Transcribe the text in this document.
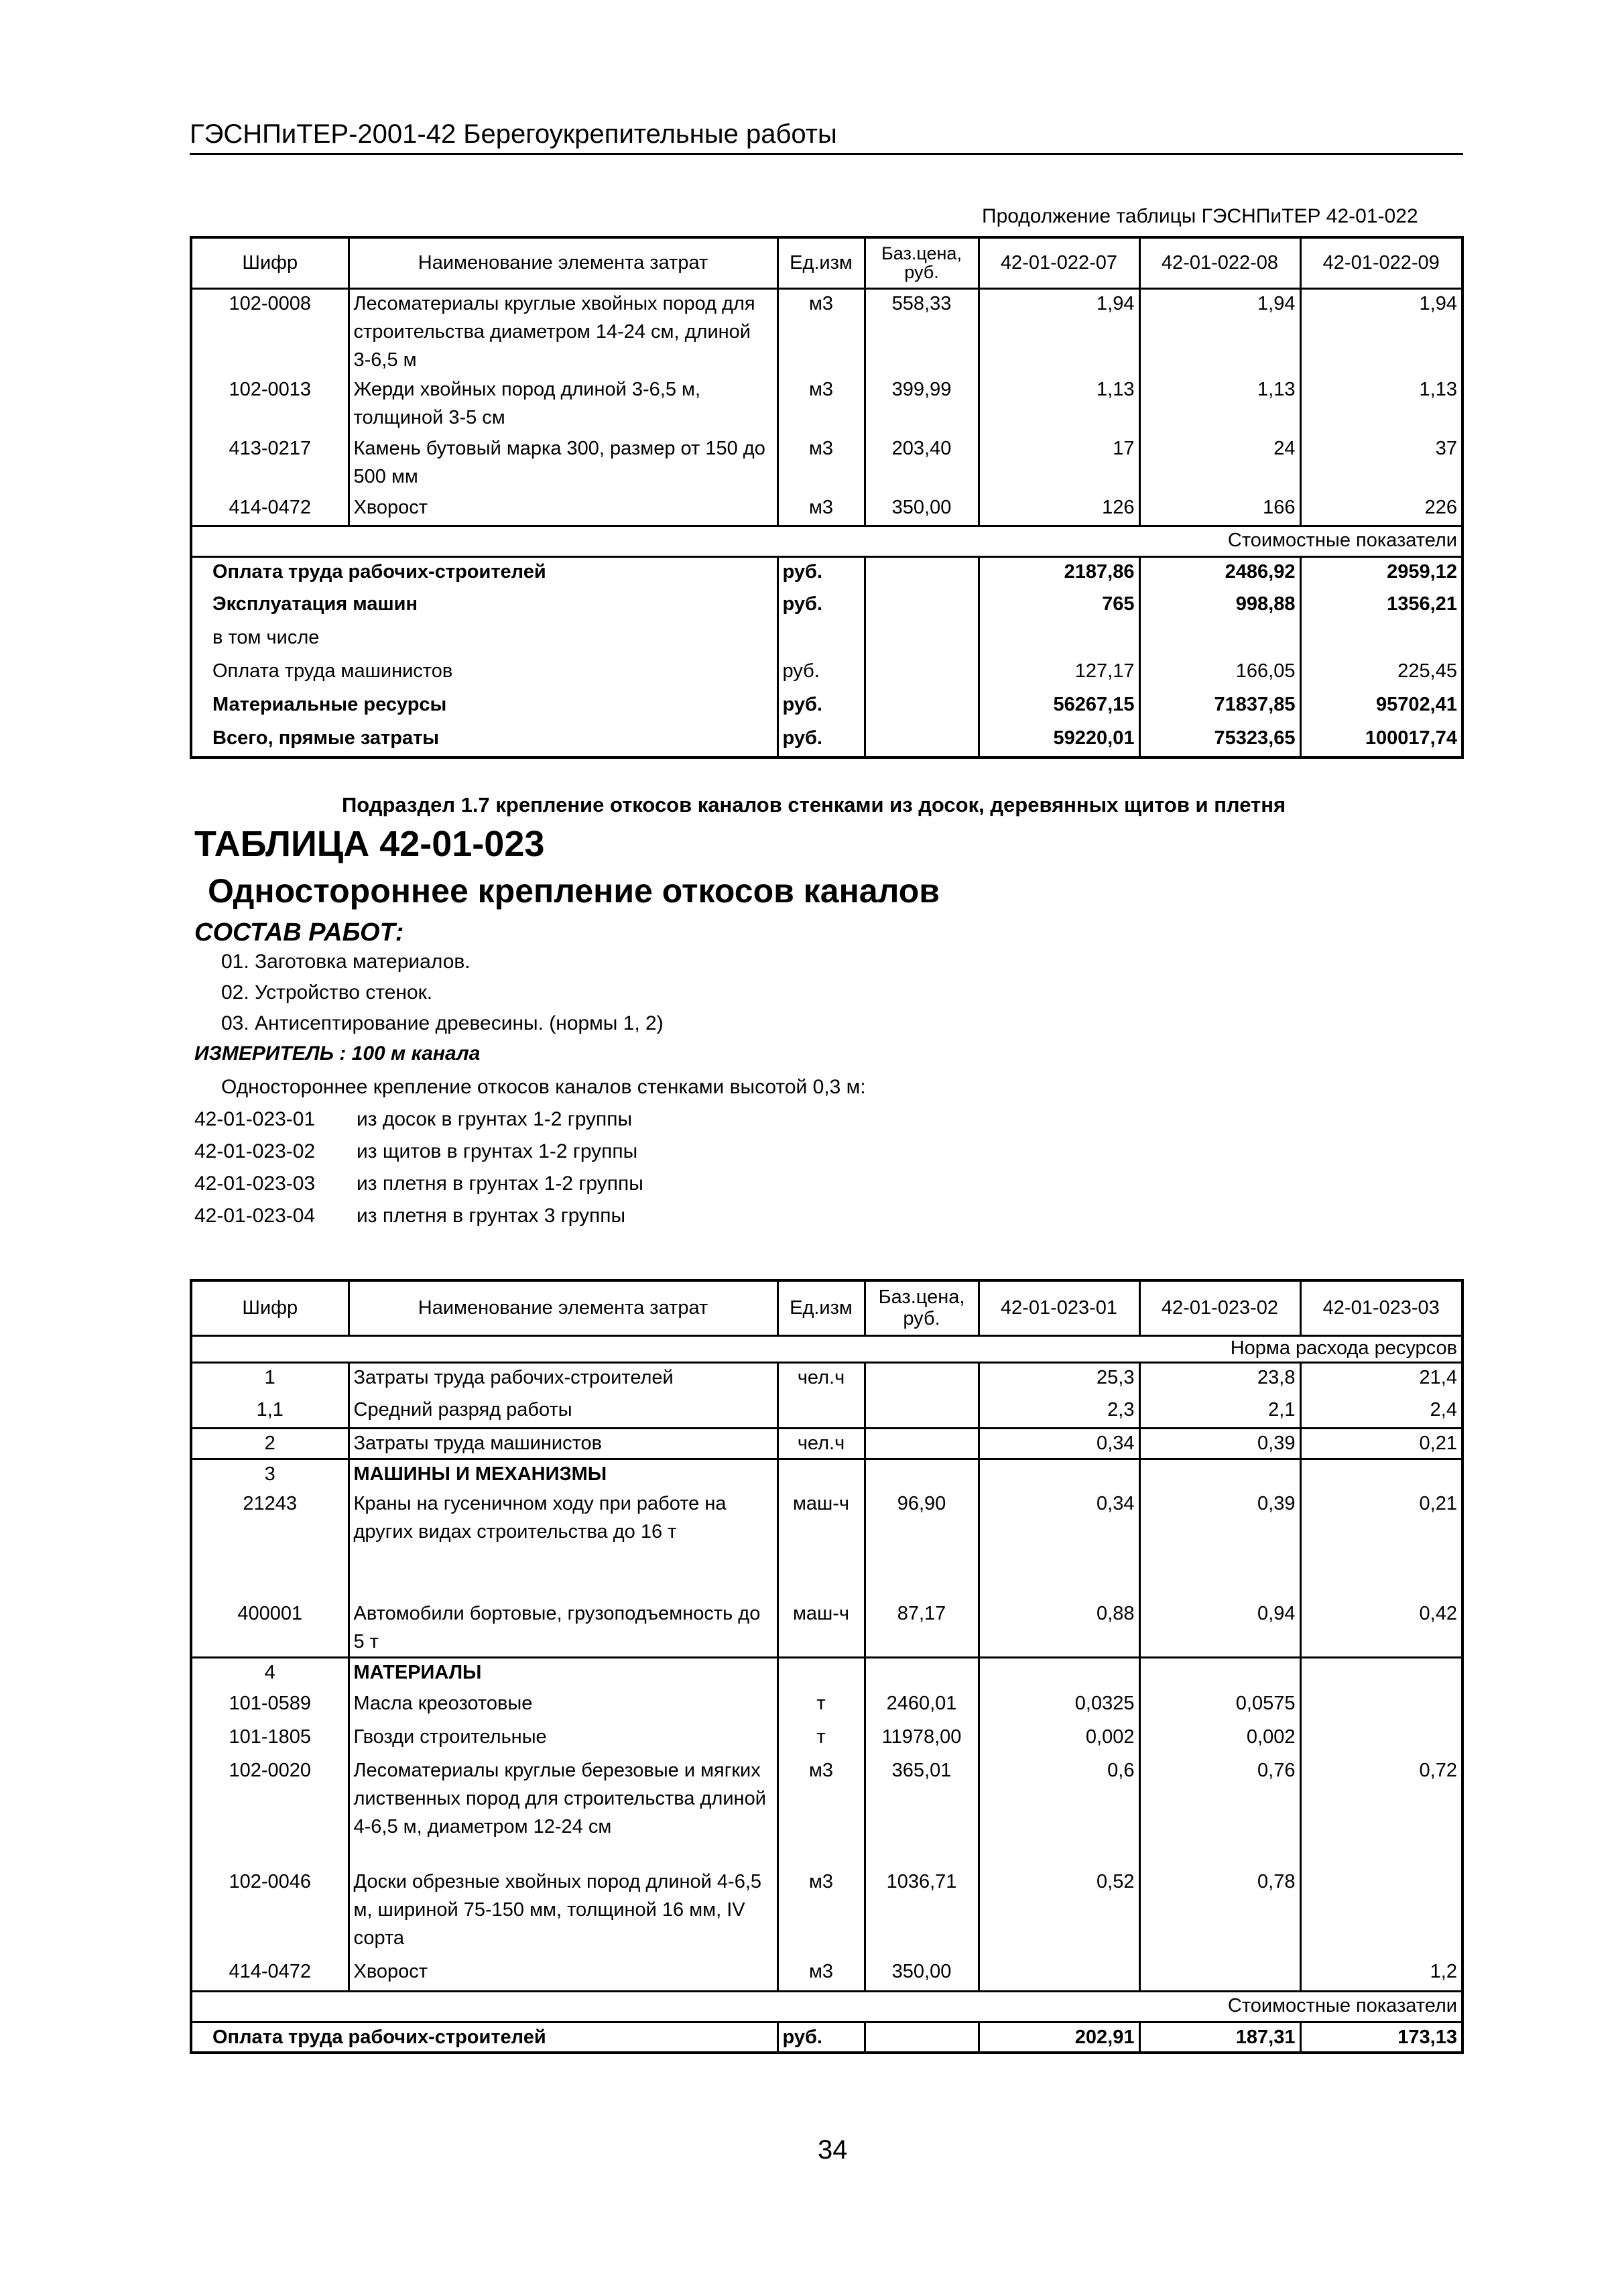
ГЭСНПиТЕР-2001-42 Берегоукрепительные работы
Продолжение таблицы ГЭСНПиТЕР 42-01-022
Шифр	Наименование элемента затрат	Ед.изм	Баз.цена, руб.	42-01-022-07	42-01-022-08	42-01-022-09
102-0008	Лесоматериалы круглые хвойных пород для строительства диаметром 14-24 см, длиной 3-6,5 м	м3	558,33	1,94	1,94	1,94
102-0013	Жерди хвойных пород длиной 3-6,5 м, толщиной 3-5 см	м3	399,99	1,13	1,13	1,13
413-0217	Камень бутовый марка 300, размер от 150 до 500 мм	м3	203,40	17	24	37
414-0472	Хворост	м3	350,00	126	166	226
Стоимостные показатели						
Оплата труда рабочих-строителей		руб.		2187,86	2486,92	2959,12
Эксплуатация машин		руб.		765	998,88	1356,21
в том числе						
Оплата труда машинистов		руб.		127,17	166,05	225,45
Материальные ресурсы		руб.		56267,15	71837,85	95702,41
Всего, прямые затраты		руб.		59220,01	75323,65	100017,74
Подраздел 1.7 крепление откосов каналов стенками из досок, деревянных щитов и плетня
ТАБЛИЦА 42-01-023
Одностороннее крепление откосов каналов
СОСТАВ РАБОТ:
01. Заготовка материалов.
02. Устройство стенок.
03. Антисептирование древесины. (нормы 1, 2)
ИЗМЕРИТЕЛЬ : 100 м канала
Одностороннее крепление откосов каналов стенками высотой 0,3 м:
42-01-023-01 из досок в грунтах 1-2 группы
42-01-023-02 из щитов в грунтах 1-2 группы
42-01-023-03 из плетня в грунтах 1-2 группы
42-01-023-04 из плетня в грунтах 3 группы
Шифр	Наименование элемента затрат	Ед.изм	Баз.цена, руб.	42-01-023-01	42-01-023-02	42-01-023-03
Норма расхода ресурсов						
1	Затраты труда рабочих-строителей	чел.ч		25,3	23,8	21,4
1,1	Средний разряд работы			2,3	2,1	2,4
2	Затраты труда машинистов	чел.ч		0,34	0,39	0,21
3	МАШИНЫ И МЕХАНИЗМЫ					
21243	Краны на гусеничном ходу при работе на других видах строительства до 16 т	маш-ч	96,90	0,34	0,39	0,21
400001	Автомобили бортовые, грузоподъемность до 5 т	маш-ч	87,17	0,88	0,94	0,42
4	МАТЕРИАЛЫ					
101-0589	Масла креозотовые	т	2460,01	0,0325	0,0575	
101-1805	Гвозди строительные	т	11978,00	0,002	0,002	
102-0020	Лесоматериалы круглые березовые и мягких лиственных пород для строительства длиной 4-6,5 м, диаметром 12-24 см	м3	365,01	0,6	0,76	0,72
102-0046	Доски обрезные хвойных пород длиной 4-6,5 м, шириной 75-150 мм, толщиной 16 мм, IV сорта	м3	1036,71	0,52	0,78	
414-0472	Хворост	м3	350,00			1,2
Стоимостные показатели						
Оплата труда рабочих-строителей		руб.		202,91	187,31	173,13
34
